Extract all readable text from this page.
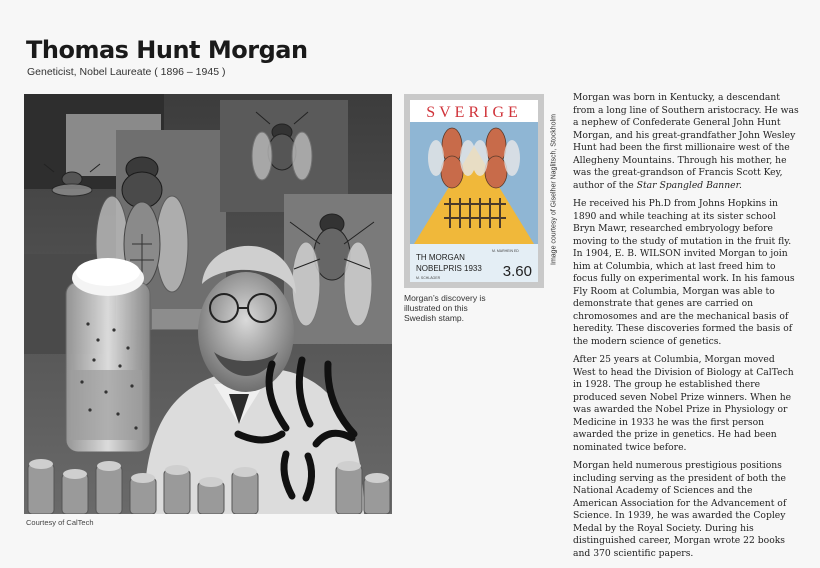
Thomas Hunt Morgan
Geneticist, Nobel Laureate ( 1896 – 1945 )
Courtesy of CalTech
SVERIGE
TH MORGAN
NOBELPRIS 1933 3.60
M. SCHLÄGER
M. MARHEIN ED
Morgan’s discovery is illustrated on this Swedish stamp.
Image courtesy of Giselher Naglitsch, Stockholm

Morgan was born in Kentucky, a descendant from a long line of Southern aristocracy. He was a nephew of Confederate General John Hunt Morgan, and his great-grandfather John Wesley Hunt had been the first millionaire west of the Allegheny Mountains. Through his mother, he was the great-grandson of Francis Scott Key, author of the Star Spangled Banner.

He received his Ph.D from Johns Hopkins in 1890 and while teaching at its sister school Bryn Mawr, researched embryology before moving to the study of mutation in the fruit fly. In 1904, E. B. WILSON invited Morgan to join him at Columbia, which at last freed him to focus fully on experimental work. In his famous Fly Room at Columbia, Morgan was able to demonstrate that genes are carried on chromosomes and are the mechanical basis of heredity. These discoveries formed the basis of the modern science of genetics.

After 25 years at Columbia, Morgan moved West to head the Division of Biology at CalTech in 1928. The group he established there produced seven Nobel Prize winners. When he was awarded the Nobel Prize in Physiology or Medicine in 1933 he was the first person awarded the prize in genetics. He had been nominated twice before.

Morgan held numerous prestigious positions including serving as the president of both the National Academy of Sciences and the American Association for the Advancement of Science. In 1939, he was awarded the Copley Medal by the Royal Society. During his distinguished career, Morgan wrote 22 books and 370 scientific papers.
